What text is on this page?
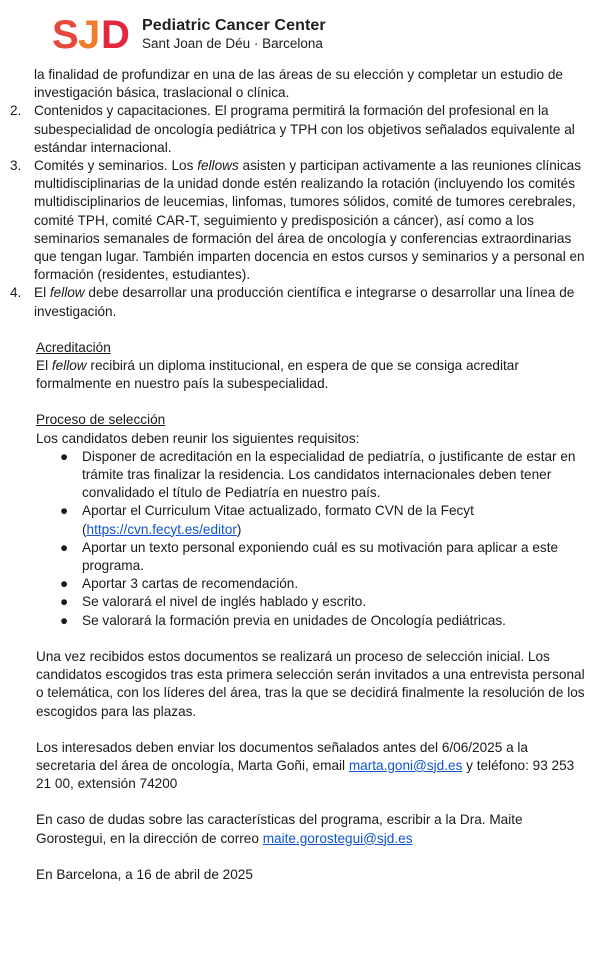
S J D Pediatric Cancer Center
Sant Joan de Déu · Barcelona

la finalidad de profundizar en una de las áreas de su elección y completar un estudio de investigación básica, traslacional o clínica.

2. Contenidos y capacitaciones. El programa permitirá la formación del profesional en la subespecialidad de oncología pediátrica y TPH con los objetivos señalados equivalente al estándar internacional.
3. Comités y seminarios. Los fellows asisten y participan activamente a las reuniones clínicas multidisciplinarias de la unidad donde estén realizando la rotación (incluyendo los comités multidisciplinarios de leucemias, linfomas, tumores sólidos, comité de tumores cerebrales, comité TPH, comité CAR-T, seguimiento y predisposición a cáncer), así como a los seminarios semanales de formación del área de oncología y conferencias extraordinarias que tengan lugar. También imparten docencia en estos cursos y seminarios y a personal en formación (residentes, estudiantes).
4. El fellow debe desarrollar una producción científica e integrarse o desarrollar una línea de investigación.
Acreditación
El fellow recibirá un diploma institucional, en espera de que se consiga acreditar formalmente en nuestro país la subespecialidad.
Proceso de selección
Los candidatos deben reunir los siguientes requisitos:
● Disponer de acreditación en la especialidad de pediatría, o justificante de estar en trámite tras finalizar la residencia. Los candidatos internacionales deben tener convalidado el título de Pediatría en nuestro país.
● Aportar el Curriculum Vitae actualizado, formato CVN de la Fecyt (https://cvn.fecyt.es/editor)
● Aportar un texto personal exponiendo cuál es su motivación para aplicar a este programa.
● Aportar 3 cartas de recomendación.
● Se valorará el nivel de inglés hablado y escrito.
● Se valorará la formación previa en unidades de Oncología pediátricas.
Una vez recibidos estos documentos se realizará un proceso de selección inicial. Los candidatos escogidos tras esta primera selección serán invitados a una entrevista personal o telemática, con los líderes del área, tras la que se decidirá finalmente la resolución de los escogidos para las plazas.
Los interesados deben enviar los documentos señalados antes del 6/06/2025 a la secretaria del área de oncología, Marta Goñi, email marta.goni@sjd.es y teléfono: 93 253 21 00, extensión 74200
En caso de dudas sobre las características del programa, escribir a la Dra. Maite Gorostegui, en la dirección de correo maite.gorostegui@sjd.es
En Barcelona, a 16 de abril de 2025
